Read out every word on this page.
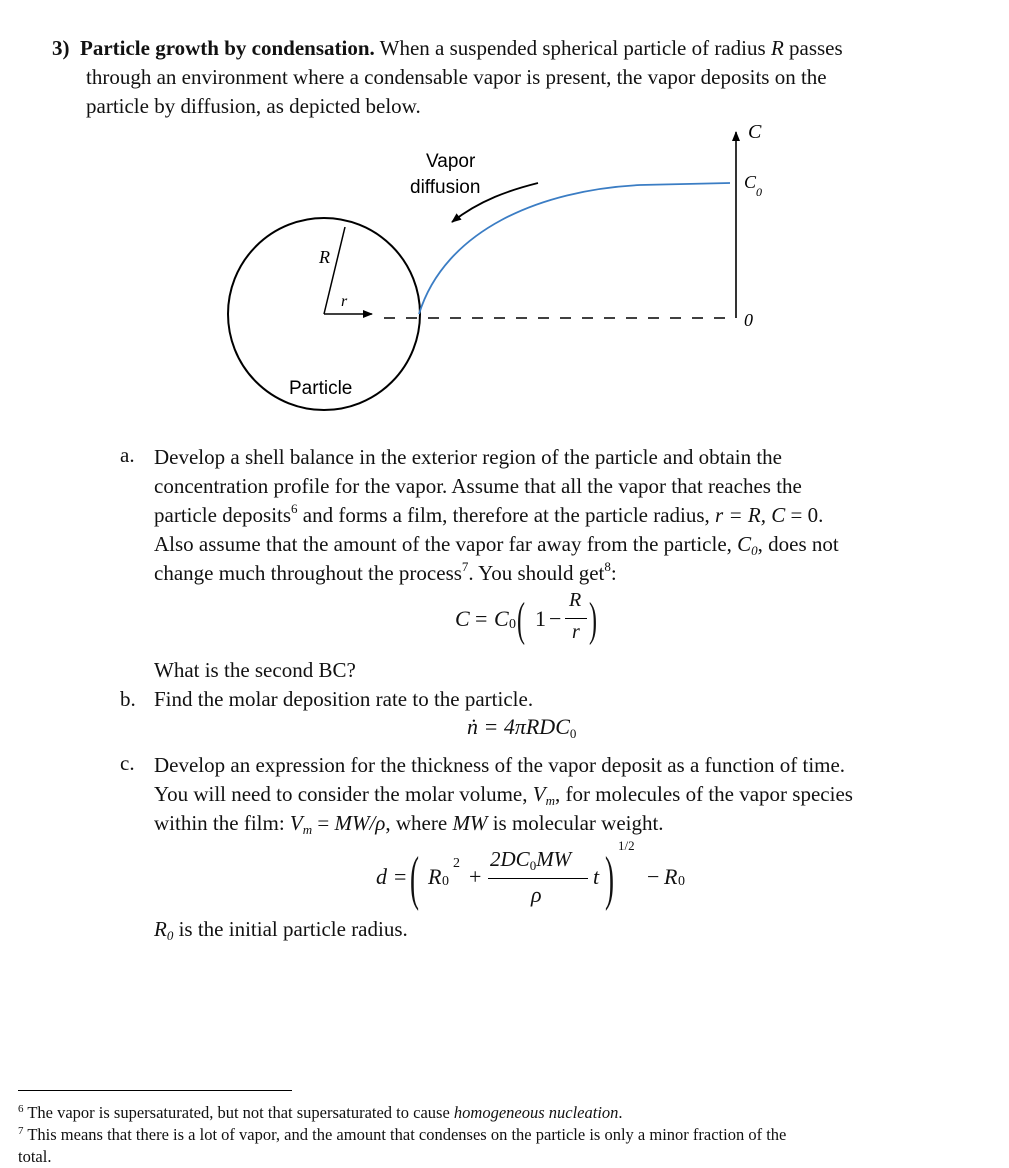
3) Particle growth by condensation. When a suspended spherical particle of radius R passes
through an environment where a condensable vapor is present, the vapor deposits on the
particle by diffusion, as depicted below.
R
r
C
$C_0$
0
Vapor
diffusion
Particle
a. Develop a shell balance in the exterior region of the particle and obtain the
concentration profile for the vapor. Assume that all the vapor that reaches the
particle deposits$^6$ and forms a film, therefore at the particle radius, r = R, C = 0.
Also assume that the amount of the vapor far away from the particle, $C_0$, does not
change much throughout the process$^7$. You should get$^8$:
C = C 0 ( 1 −
R
r )
What is the second BC?
b. Find the molar deposition rate to the particle.
ṅ = 4πRDC$_0$
c. Develop an expression for the thickness of the vapor deposit as a function of time.
You will need to consider the molar volume, $V_m$, for molecules of the vapor species
within the film: $V_m = MW/\rho$, where MW is molecular weight.
d = ( R 0
2
+
$2DC_0MW$
ρ
t ) 1/2
− R 0
$R_0$ is the initial particle radius.
$^6$ The vapor is supersaturated, but not that supersaturated to cause homogeneous nucleation.
$^7$ This means that there is a lot of vapor, and the amount that condenses on the particle is only a minor fraction of the
total.
